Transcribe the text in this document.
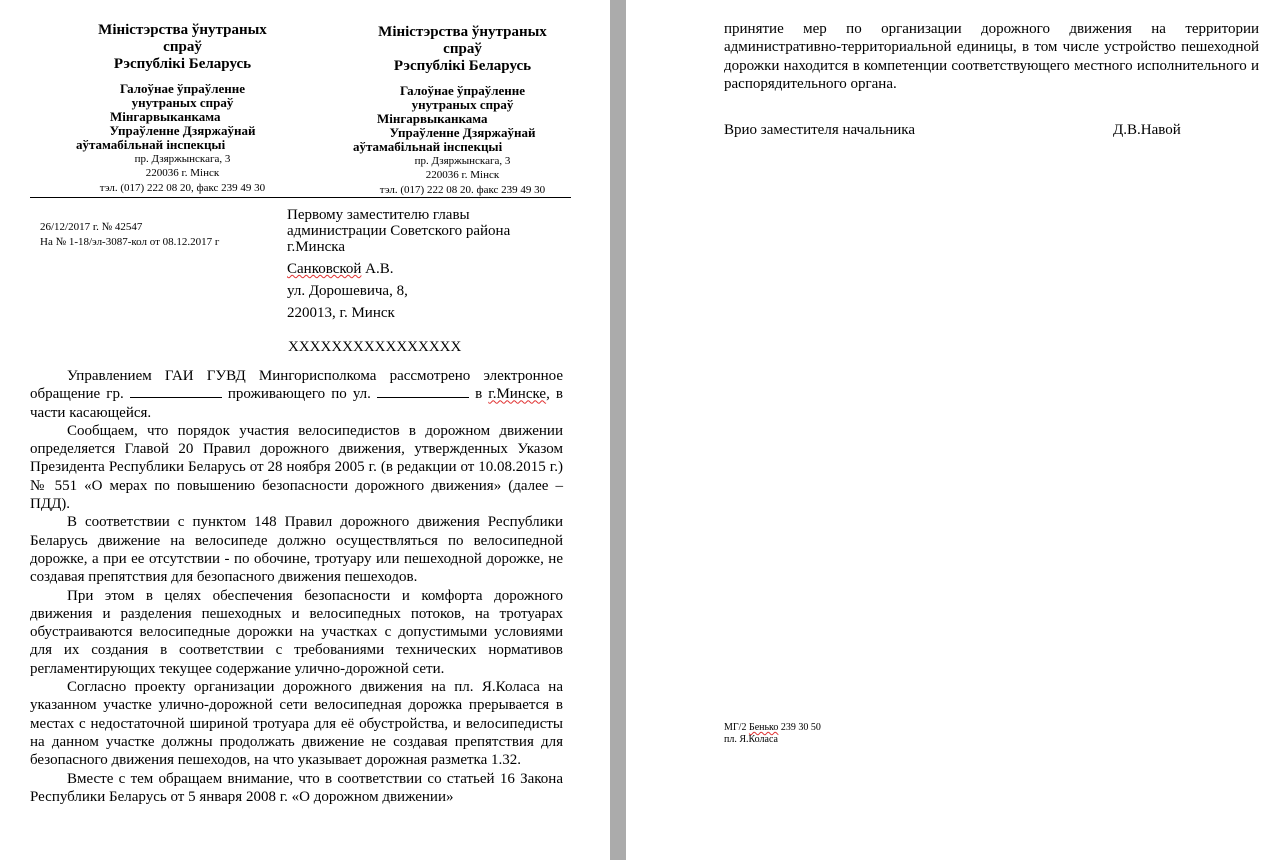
Міністэрства ўнутраных
спраў
Рэспублікі Беларусь
Галоўнае ўпраўленне
унутраных спраў
Мінгарвыканкама
Упраўленне Дзяржаўнай
аўтамабільнай інспекцыі
пр. Дзяржынскага, 3
220036 г. Мінск
тэл. (017) 222 08 20, факс 239 49 30
Міністэрства ўнутраных
спраў
Рэспублікі Беларусь
Галоўнае ўпраўленне
унутраных спраў
Мінгарвыканкама
Упраўленне Дзяржаўнай
аўтамабільнай інспекцыі
пр. Дзяржынскага, 3
220036 г. Мінск
тэл. (017) 222 08 20. факс 239 49 30
26/12/2017 г. № 42547
На № 1-18/эл-3087-кол от 08.12.2017 г
Первому заместителю главы
администрации Советского района
г.Минска
Санковской А.В.
ул. Дорошевича, 8,
220013, г. Минск
ХХХХХХХХХХХХХХХХ

Управлением ГАИ ГУВД Мингорисполкома рассмотрено электронное обращение гр.	проживающего по ул.	в г.Минске, в части касающейся.

Сообщаем, что порядок участия велосипедистов в дорожном движении определяется Главой 20 Правил дорожного движения, утвержденных Указом Президента Республики Беларусь от 28 ноября 2005 г. (в редакции от 10.08.2015 г.) № 551 «О мерах по повышению безопасности дорожного движения» (далее – ПДД).

В соответствии с пунктом 148 Правил дорожного движения Республики Беларусь движение на велосипеде должно осуществляться по велосипедной дорожке, а при ее отсутствии - по обочине, тротуару или пешеходной дорожке, не создавая препятствия для безопасного движения пешеходов.

При этом в целях обеспечения безопасности и комфорта дорожного движения и разделения пешеходных и велосипедных потоков, на тротуарах обустраиваются велосипедные дорожки на участках с допустимыми условиями для их создания в соответствии с требованиями технических нормативов регламентирующих текущее содержание улично-дорожной сети.

Согласно проекту организации дорожного движения на пл. Я.Коласа на указанном участке улично-дорожной сети велосипедная дорожка прерывается в местах с недостаточной шириной тротуара для её обустройства, и велосипедисты на данном участке должны продолжать движение не создавая препятствия для безопасного движения пешеходов, на что указывает дорожная разметка 1.32.

Вместе с тем обращаем внимание, что в соответствии со статьей 16 Закона Республики Беларусь от 5 января 2008 г. «О дорожном движении»

принятие мер по организации дорожного движения на территории административно-территориальной единицы, в том числе устройство пешеходной дорожки находится в компетенции соответствующего местного исполнительного и распорядительного органа.
Врио заместителя начальника	Д.В.Навой
МГ/2 Бенько 239 30 50
пл. Я.Коласа
